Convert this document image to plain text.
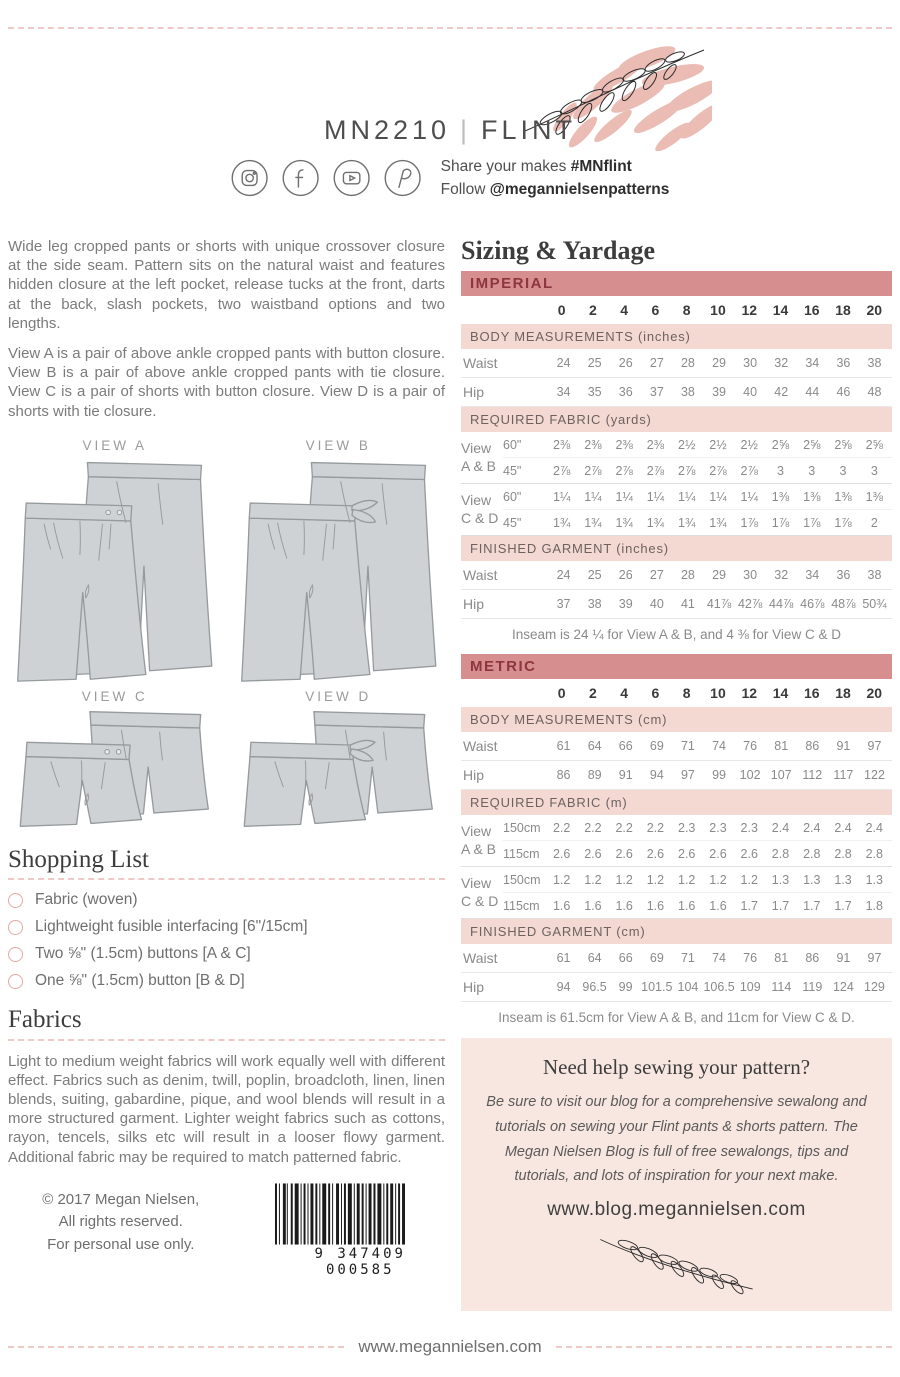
MN2210 | FLINT
Share your makes #MNflint
Follow @megannielsenpatterns

Wide leg cropped pants or shorts with unique crossover closure at the side seam. Pattern sits on the natural waist and features hidden closure at the left pocket, release tucks at the front, darts at the back, slash pockets, two waistband options and two lengths.

View A is a pair of above ankle cropped pants with button closure. View B is a pair of above ankle cropped pants with tie closure. View C is a pair of shorts with button closure. View D is a pair of shorts with tie closure.

VIEW A	VIEW B
VIEW C	VIEW D
Shopping List
Fabric (woven)
Lightweight fusible interfacing [6"/15cm]
Two ⅝" (1.5cm) buttons [A & C]
One ⅝" (1.5cm) button [B & D]
Fabrics

Light to medium weight fabrics will work equally well with different effect. Fabrics such as denim, twill, poplin, broadcloth, linen, linen blends, suiting, gabardine, pique, and wool blends will result in a more structured garment. Lighter weight fabrics such as cottons, rayon, tencels, silks etc will result in a looser flowy garment. Additional fabric may be required to match patterned fabric.

© 2017 Megan Nielsen,
All rights reserved.
For personal use only.
9 347409 000585
Sizing & Yardage
IMPERIAL
0	2	4	6	8	10	12	14	16	18	20
BODY MEASUREMENTS (inches)
Waist	24	25	26	27	28	29	30	32	34	36	38
Hip	34	35	36	37	38	39	40	42	44	46	48
REQUIRED FABRIC (yards)
View
A & B
60"	2⅜	2⅜	2⅜	2⅜	2½	2½	2½	2⅝	2⅝	2⅝	2⅝
45"	2⅞	2⅞	2⅞	2⅞	2⅞	2⅞	2⅞	3	3	3	3
View
C & D
60"	1¼	1¼	1¼	1¼	1¼	1¼	1¼	1⅜	1⅜	1⅜	1⅜
45"	1¾	1¾	1¾	1¾	1¾	1¾	1⅞	1⅞	1⅞	1⅞	2
FINISHED GARMENT (inches)
Waist	24	25	26	27	28	29	30	32	34	36	38
Hip	37	38	39	40	41 41⅞ 42⅞ 44⅞ 46⅞ 48⅞ 50¾
Inseam is 24 ¼ for View A & B, and 4 ⅜ for View C & D
METRIC
0	2	4	6	8	10	12	14	16	18	20
BODY MEASUREMENTS (cm)
Waist	61	64	66	69	71	74	76	81	86	91	97
Hip	86	89	91	94	97	99	102 107 112 117 122
REQUIRED FABRIC (m)
View
A & B
150cm 2.2	2.2	2.2	2.2	2.3	2.3	2.3	2.4	2.4	2.4	2.4
115cm	2.6	2.6	2.6	2.6	2.6	2.6	2.6	2.8	2.8	2.8	2.8
View
C & D
150cm 1.2	1.2	1.2	1.2	1.2	1.2	1.2	1.3	1.3	1.3	1.3
115cm	1.6	1.6	1.6	1.6	1.6	1.6	1.7	1.7	1.7	1.7	1.8
FINISHED GARMENT (cm)
Waist	61	64	66	69	71	74	76	81	86	91	97
Hip	94 96.5 99 101.5 104 106.5 109 114 119 124 129
Inseam is 61.5cm for View A & B, and 11cm for View C & D.
Need help sewing your pattern?

Be sure to visit our blog for a comprehensive sewalong and tutorials on sewing your Flint pants & shorts pattern. The Megan Nielsen Blog is full of free sewalongs, tips and tutorials, and lots of inspiration for your next make.

www.blog.megannielsen.com
www.megannielsen.com
